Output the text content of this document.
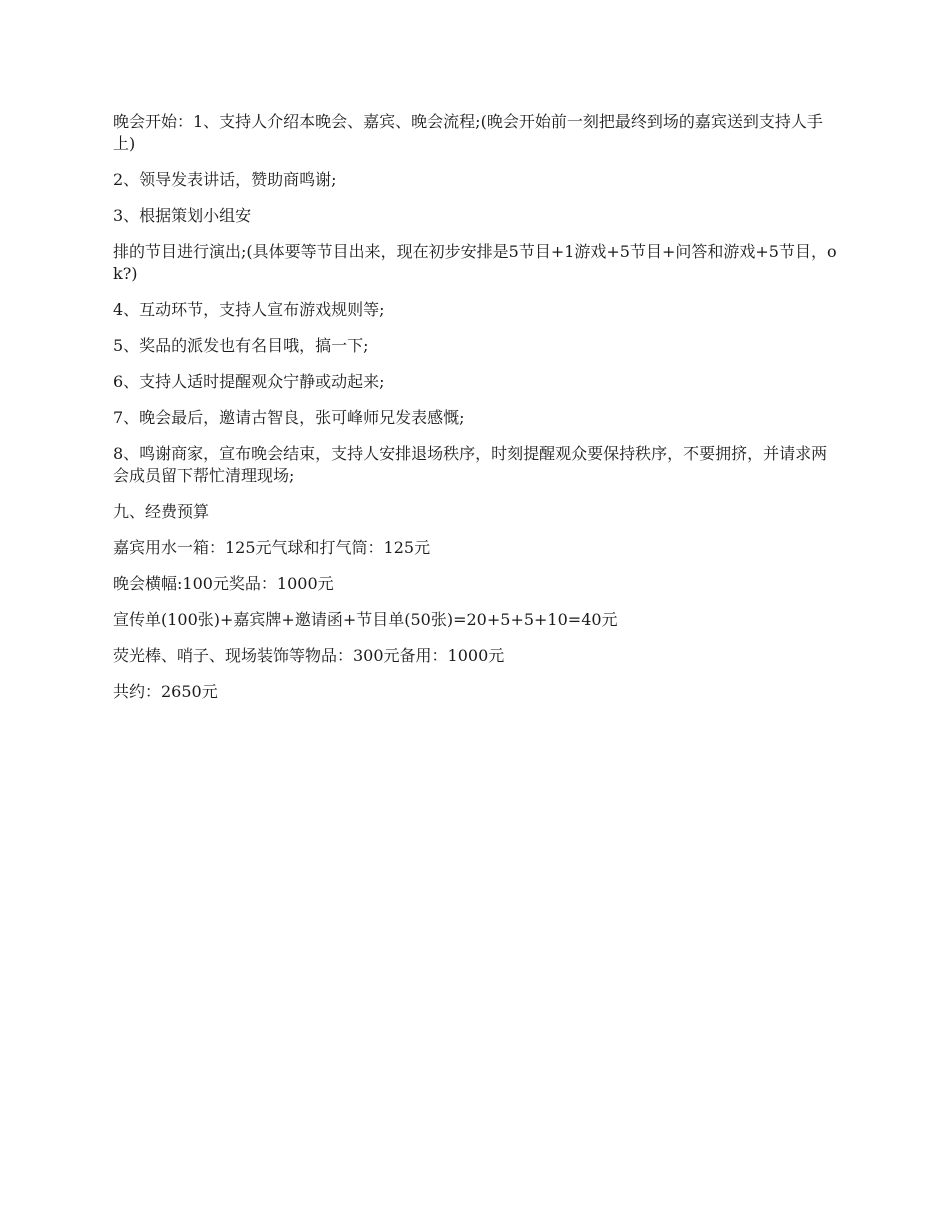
晚会开始：1、支持人介绍本晚会、嘉宾、晚会流程;(晚会开始前一刻把最终到场的嘉宾送到支持人手上)

2、领导发表讲话，赞助商鸣谢;

3、根据策划小组安

排的节目进行演出;(具体要等节目出来，现在初步安排是5节目+1游戏+5节目+问答和游戏+5节目，ok?)

4、互动环节，支持人宣布游戏规则等;

5、奖品的派发也有名目哦，搞一下;

6、支持人适时提醒观众宁静或动起来;

7、晚会最后，邀请古智良，张可峰师兄发表感慨;

8、鸣谢商家，宣布晚会结束，支持人安排退场秩序，时刻提醒观众要保持秩序，不要拥挤，并请求两会成员留下帮忙清理现场;

九、经费预算

嘉宾用水一箱：125元气球和打气筒：125元

晚会横幅:100元奖品：1000元

宣传单(100张)+嘉宾牌+邀请函+节目单(50张)=20+5+5+10=40元

荧光棒、哨子、现场装饰等物品：300元备用：1000元

共约：2650元
